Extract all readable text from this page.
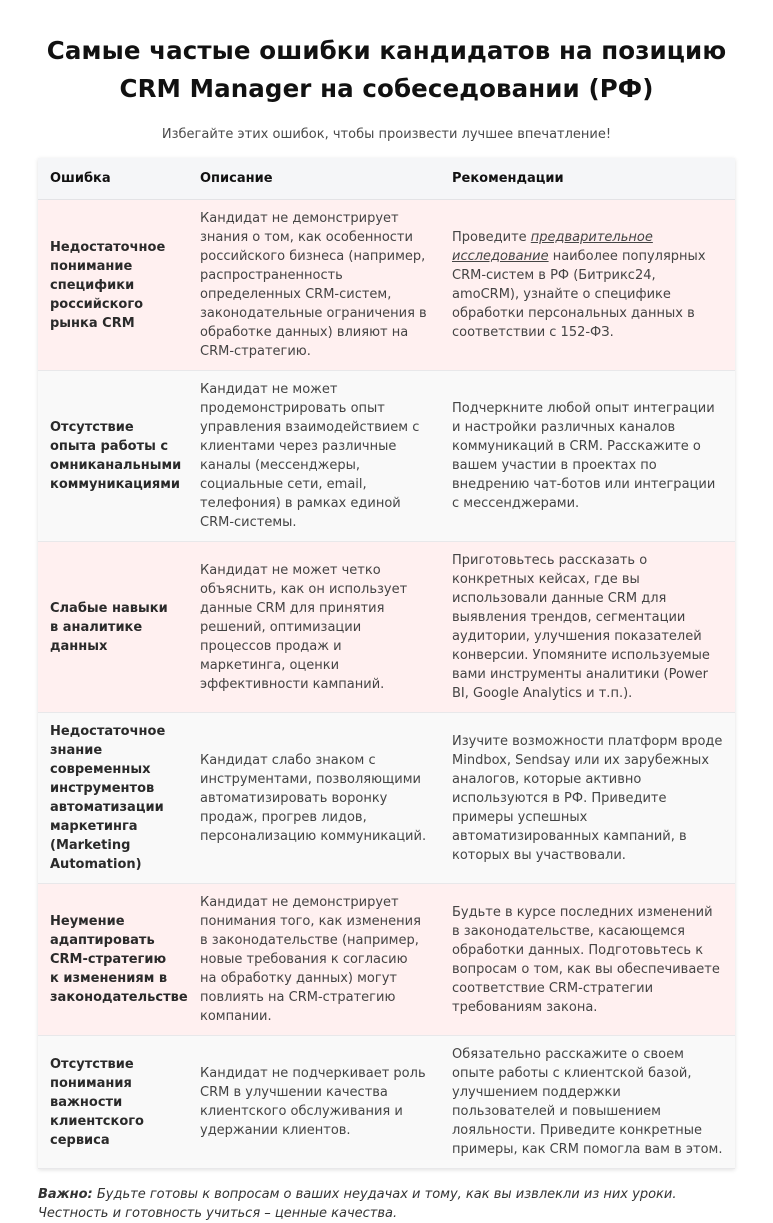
Самые частые ошибки кандидатов на позицию CRM Manager на собеседовании (РФ)

Избегайте этих ошибок, чтобы произвести лучшее впечатление!

Ошибка	Описание	Рекомендации
Недостаточное понимание специфики российского рынка CRM	Кандидат не демонстрирует знания о том, как особенности российского бизнеса (например, распространенность определенных CRM-систем, законодательные ограничения в обработке данных) влияют на CRM-стратегию.	Проведите предварительное исследование наиболее популярных CRM-систем в РФ (Битрикс24, amoCRM), узнайте о специфике обработки персональных данных в соответствии с 152-ФЗ.
Отсутствие опыта работы с омниканальными коммуникациями	Кандидат не может продемонстрировать опыт управления взаимодействием с клиентами через различные каналы (мессенджеры, социальные сети, email, телефония) в рамках единой CRM-системы.	Подчеркните любой опыт интеграции и настройки различных каналов коммуникаций в CRM. Расскажите о вашем участии в проектах по внедрению чат-ботов или интеграции с мессенджерами.
Слабые навыки в аналитике данных	Кандидат не может четко объяснить, как он использует данные CRM для принятия решений, оптимизации процессов продаж и маркетинга, оценки эффективности кампаний.	Приготовьтесь рассказать о конкретных кейсах, где вы использовали данные CRM для выявления трендов, сегментации аудитории, улучшения показателей конверсии. Упомяните используемые вами инструменты аналитики (Power BI, Google Analytics и т.п.).
Недостаточное знание современных инструментов автоматизации маркетинга (Marketing Automation)	Кандидат слабо знаком с инструментами, позволяющими автоматизировать воронку продаж, прогрев лидов, персонализацию коммуникаций.	Изучите возможности платформ вроде Mindbox, Sendsay или их зарубежных аналогов, которые активно используются в РФ. Приведите примеры успешных автоматизированных кампаний, в которых вы участвовали.
Неумение адаптировать CRM-стратегию к изменениям в законодательстве	Кандидат не демонстрирует понимания того, как изменения в законодательстве (например, новые требования к согласию на обработку данных) могут повлиять на CRM-стратегию компании.	Будьте в курсе последних изменений в законодательстве, касающемся обработки данных. Подготовьтесь к вопросам о том, как вы обеспечиваете соответствие CRM-стратегии требованиям закона.
Отсутствие понимания важности клиентского сервиса	Кандидат не подчеркивает роль CRM в улучшении качества клиентского обслуживания и удержании клиентов.	Обязательно расскажите о своем опыте работы с клиентской базой, улучшением поддержки пользователей и повышением лояльности. Приведите конкретные примеры, как CRM помогла вам в этом.

Важно: Будьте готовы к вопросам о ваших неудачах и тому, как вы извлекли из них уроки. Честность и готовность учиться – ценные качества.
